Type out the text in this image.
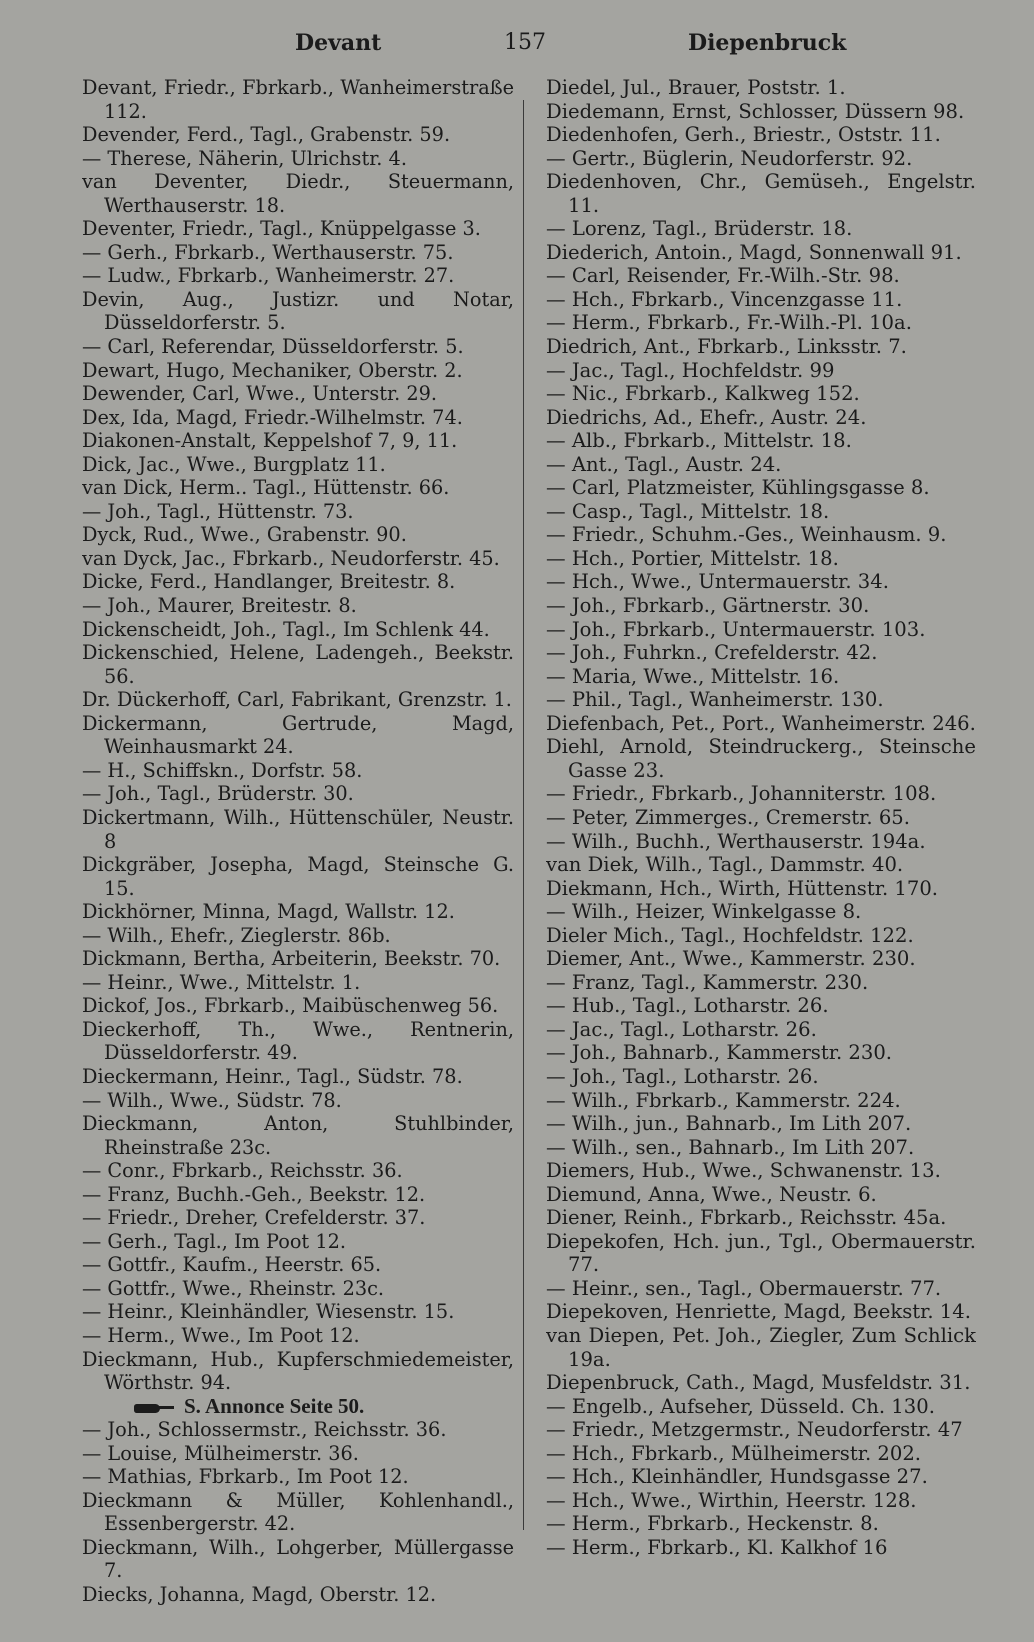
Devant	157	Diepenbruck
Devant, Friedr., Fbrkarb., Wanheimerstraße 112.
Devender, Ferd., Tagl., Grabenstr. 59.
— Therese, Näherin, Ulrichstr. 4.
van Deventer, Diedr., Steuermann, Werthauserstr. 18.
Deventer, Friedr., Tagl., Knüppelgasse 3.
— Gerh., Fbrkarb., Werthauserstr. 75.
— Ludw., Fbrkarb., Wanheimerstr. 27.
Devin, Aug., Justizr. und Notar, Düsseldorferstr. 5.
— Carl, Referendar, Düsseldorferstr. 5.
Dewart, Hugo, Mechaniker, Oberstr. 2.
Dewender, Carl, Wwe., Unterstr. 29.
Dex, Ida, Magd, Friedr.-Wilhelmstr. 74.
Diakonen-Anstalt, Keppelshof 7, 9, 11.
Dick, Jac., Wwe., Burgplatz 11.
van Dick, Herm.. Tagl., Hüttenstr. 66.
— Joh., Tagl., Hüttenstr. 73.
Dyck, Rud., Wwe., Grabenstr. 90.
van Dyck, Jac., Fbrkarb., Neudorferstr. 45.
Dicke, Ferd., Handlanger, Breitestr. 8.
— Joh., Maurer, Breitestr. 8.
Dickenscheidt, Joh., Tagl., Im Schlenk 44.
Dickenschied, Helene, Ladengeh., Beekstr. 56.
Dr. Dückerhoff, Carl, Fabrikant, Grenzstr. 1.
Dickermann, Gertrude, Magd, Weinhausmarkt 24.
— H., Schiffskn., Dorfstr. 58.
— Joh., Tagl., Brüderstr. 30.
Dickertmann, Wilh., Hüttenschüler, Neustr. 8
Dickgräber, Josepha, Magd, Steinsche G. 15.
Dickhörner, Minna, Magd, Wallstr. 12.
— Wilh., Ehefr., Zieglerstr. 86b.
Dickmann, Bertha, Arbeiterin, Beekstr. 70.
— Heinr., Wwe., Mittelstr. 1.
Dickof, Jos., Fbrkarb., Maibüschenweg 56.
Dieckerhoff, Th., Wwe., Rentnerin, Düsseldorferstr. 49.
Dieckermann, Heinr., Tagl., Südstr. 78.
— Wilh., Wwe., Südstr. 78.
Dieckmann, Anton, Stuhlbinder, Rheinstraße 23c.
— Conr., Fbrkarb., Reichsstr. 36.
— Franz, Buchh.-Geh., Beekstr. 12.
— Friedr., Dreher, Crefelderstr. 37.
— Gerh., Tagl., Im Poot 12.
— Gottfr., Kaufm., Heerstr. 65.
— Gottfr., Wwe., Rheinstr. 23c.
— Heinr., Kleinhändler, Wiesenstr. 15.
— Herm., Wwe., Im Poot 12.
Dieckmann, Hub., Kupferschmiedemeister, Wörthstr. 94.
S. Annonce Seite 50.
— Joh., Schlossermstr., Reichsstr. 36.
— Louise, Mülheimerstr. 36.
— Mathias, Fbrkarb., Im Poot 12.
Dieckmann & Müller, Kohlenhandl., Essenbergerstr. 42.
Dieckmann, Wilh., Lohgerber, Müllergasse 7.
Diecks, Johanna, Magd, Oberstr. 12.
Diedel, Jul., Brauer, Poststr. 1.
Diedemann, Ernst, Schlosser, Düssern 98.
Diedenhofen, Gerh., Briestr., Oststr. 11.
— Gertr., Büglerin, Neudorferstr. 92.
Diedenhoven, Chr., Gemüseh., Engelstr. 11.
— Lorenz, Tagl., Brüderstr. 18.
Diederich, Antoin., Magd, Sonnenwall 91.
— Carl, Reisender, Fr.-Wilh.-Str. 98.
— Hch., Fbrkarb., Vincenzgasse 11.
— Herm., Fbrkarb., Fr.-Wilh.-Pl. 10a.
Diedrich, Ant., Fbrkarb., Linksstr. 7.
— Jac., Tagl., Hochfeldstr. 99
— Nic., Fbrkarb., Kalkweg 152.
Diedrichs, Ad., Ehefr., Austr. 24.
— Alb., Fbrkarb., Mittelstr. 18.
— Ant., Tagl., Austr. 24.
— Carl, Platzmeister, Kühlingsgasse 8.
— Casp., Tagl., Mittelstr. 18.
— Friedr., Schuhm.-Ges., Weinhausm. 9.
— Hch., Portier, Mittelstr. 18.
— Hch., Wwe., Untermauerstr. 34.
— Joh., Fbrkarb., Gärtnerstr. 30.
— Joh., Fbrkarb., Untermauerstr. 103.
— Joh., Fuhrkn., Crefelderstr. 42.
— Maria, Wwe., Mittelstr. 16.
— Phil., Tagl., Wanheimerstr. 130.
Diefenbach, Pet., Port., Wanheimerstr. 246.
Diehl, Arnold, Steindruckerg., Steinsche Gasse 23.
— Friedr., Fbrkarb., Johanniterstr. 108.
— Peter, Zimmerges., Cremerstr. 65.
— Wilh., Buchh., Werthauserstr. 194a.
van Diek, Wilh., Tagl., Dammstr. 40.
Diekmann, Hch., Wirth, Hüttenstr. 170.
— Wilh., Heizer, Winkelgasse 8.
Dieler Mich., Tagl., Hochfeldstr. 122.
Diemer, Ant., Wwe., Kammerstr. 230.
— Franz, Tagl., Kammerstr. 230.
— Hub., Tagl., Lotharstr. 26.
— Jac., Tagl., Lotharstr. 26.
— Joh., Bahnarb., Kammerstr. 230.
— Joh., Tagl., Lotharstr. 26.
— Wilh., Fbrkarb., Kammerstr. 224.
— Wilh., jun., Bahnarb., Im Lith 207.
— Wilh., sen., Bahnarb., Im Lith 207.
Diemers, Hub., Wwe., Schwanenstr. 13.
Diemund, Anna, Wwe., Neustr. 6.
Diener, Reinh., Fbrkarb., Reichsstr. 45a.
Diepekofen, Hch. jun., Tgl., Obermauerstr. 77.
— Heinr., sen., Tagl., Obermauerstr. 77.
Diepekoven, Henriette, Magd, Beekstr. 14.
van Diepen, Pet. Joh., Ziegler, Zum Schlick 19a.
Diepenbruck, Cath., Magd, Musfeldstr. 31.
— Engelb., Aufseher, Düsseld. Ch. 130.
— Friedr., Metzgermstr., Neudorferstr. 47
— Hch., Fbrkarb., Mülheimerstr. 202.
— Hch., Kleinhändler, Hundsgasse 27.
— Hch., Wwe., Wirthin, Heerstr. 128.
— Herm., Fbrkarb., Heckenstr. 8.
— Herm., Fbrkarb., Kl. Kalkhof 16
